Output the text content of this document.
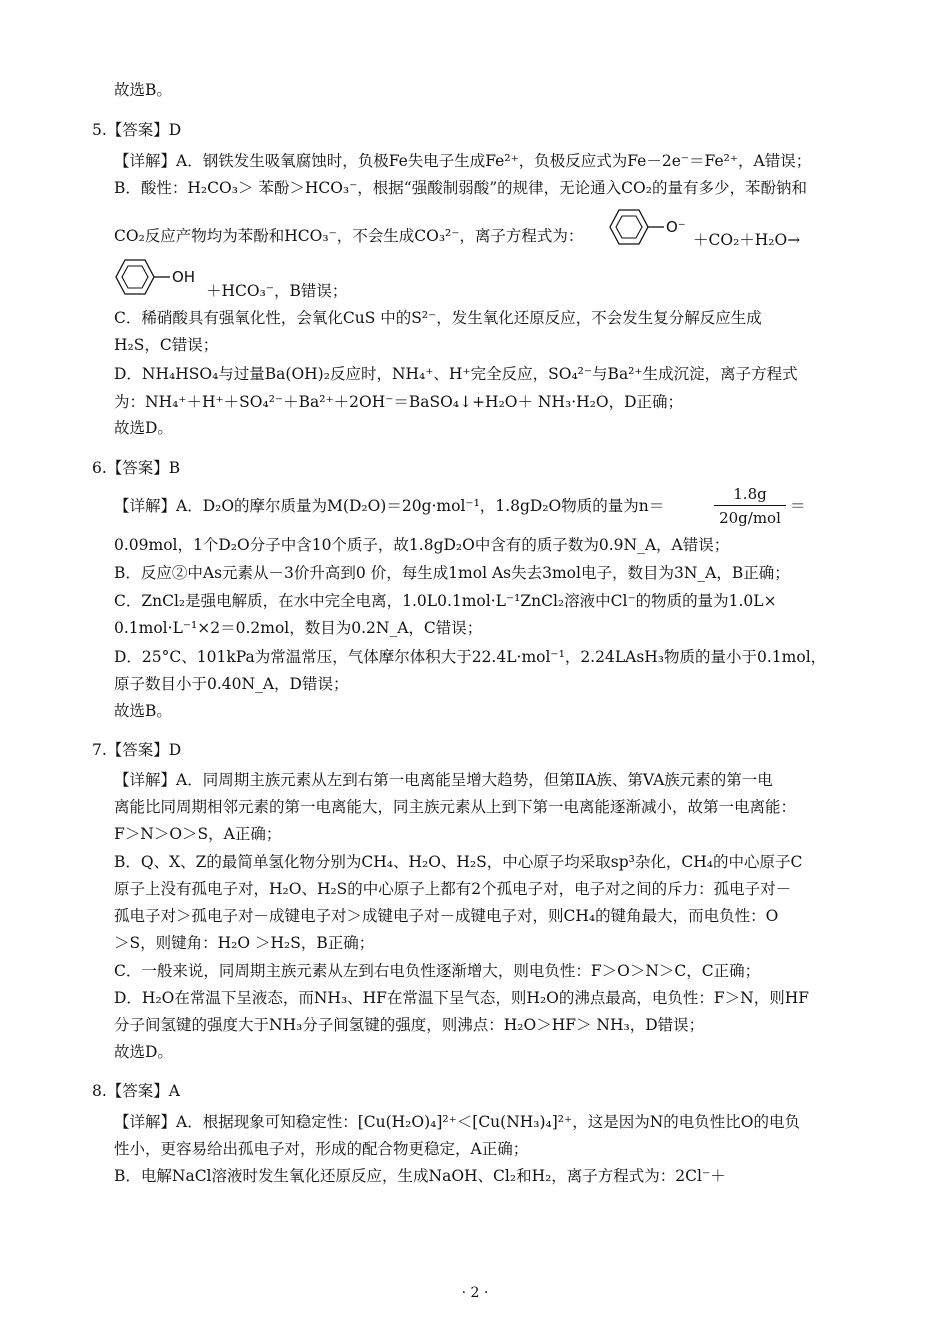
故选B。
5.【答案】D
【详解】A．钢铁发生吸氧腐蚀时，负极Fe失电子生成Fe²⁺，负极反应式为Fe－2e⁻＝Fe²⁺，A错误；
B．酸性：H₂CO₃＞ 苯酚＞HCO₃⁻，根据“强酸制弱酸”的规律，无论通入CO₂的量有多少，苯酚钠和
CO₂反应产物均为苯酚和HCO₃⁻，不会生成CO₃²⁻，离子方程式为：	O⁻
＋CO₂＋H₂O→
OH
＋HCO₃⁻，B错误；
C．稀硝酸具有强氧化性，会氧化CuS 中的S²⁻，发生氧化还原反应，不会发生复分解反应生成
H₂S，C错误；
D．NH₄HSO₄与过量Ba(OH)₂反应时，NH₄⁺、H⁺完全反应，SO₄²⁻与Ba²⁺生成沉淀，离子方程式
为：NH₄⁺＋H⁺＋SO₄²⁻＋Ba²⁺＋2OH⁻＝BaSO₄↓+H₂O＋ NH₃·H₂O，D正确；
故选D。
6.【答案】B
【详解】A．D₂O的摩尔质量为M(D₂O)＝20g·mol⁻¹，1.8gD₂O物质的量为n＝
1.8g
20g/mol
＝
0.09mol，1个D₂O分子中含10个质子，故1.8gD₂O中含有的质子数为0.9N_A，A错误；
B．反应②中As元素从－3价升高到0 价，每生成1mol As失去3mol电子，数目为3N_A，B正确；
C．ZnCl₂是强电解质，在水中完全电离，1.0L0.1mol·L⁻¹ZnCl₂溶液中Cl⁻的物质的量为1.0L×
0.1mol·L⁻¹×2＝0.2mol，数目为0.2N_A，C错误；
D．25°C、101kPa为常温常压，气体摩尔体积大于22.4L·mol⁻¹，2.24LAsH₃物质的量小于0.1mol，
原子数目小于0.40N_A，D错误；
故选B。
7.【答案】D
【详解】A．同周期主族元素从左到右第一电离能呈增大趋势，但第ⅡA族、第VA族元素的第一电
离能比同周期相邻元素的第一电离能大，同主族元素从上到下第一电离能逐渐减小，故第一电离能：
F＞N＞O＞S，A正确；
B．Q、X、Z的最简单氢化物分别为CH₄、H₂O、H₂S，中心原子均采取sp³杂化，CH₄的中心原子C
原子上没有孤电子对，H₂O、H₂S的中心原子上都有2个孤电子对，电子对之间的斥力：孤电子对－
孤电子对＞孤电子对－成键电子对＞成键电子对－成键电子对，则CH₄的键角最大，而电负性：O
＞S，则键角：H₂O ＞H₂S，B正确；
C．一般来说，同周期主族元素从左到右电负性逐渐增大，则电负性：F＞O＞N＞C，C正确；
D．H₂O在常温下呈液态，而NH₃、HF在常温下呈气态，则H₂O的沸点最高，电负性：F＞N，则HF
分子间氢键的强度大于NH₃分子间氢键的强度，则沸点：H₂O＞HF＞ NH₃，D错误；
故选D。
8.【答案】A
【详解】A．根据现象可知稳定性：[Cu(H₂O)₄]²⁺＜[Cu(NH₃)₄]²⁺，这是因为N的电负性比O的电负
性小，更容易给出孤电子对，形成的配合物更稳定，A正确；
B．电解NaCl溶液时发生氧化还原反应，生成NaOH、Cl₂和H₂，离子方程式为：2Cl⁻＋
· 2 ·
